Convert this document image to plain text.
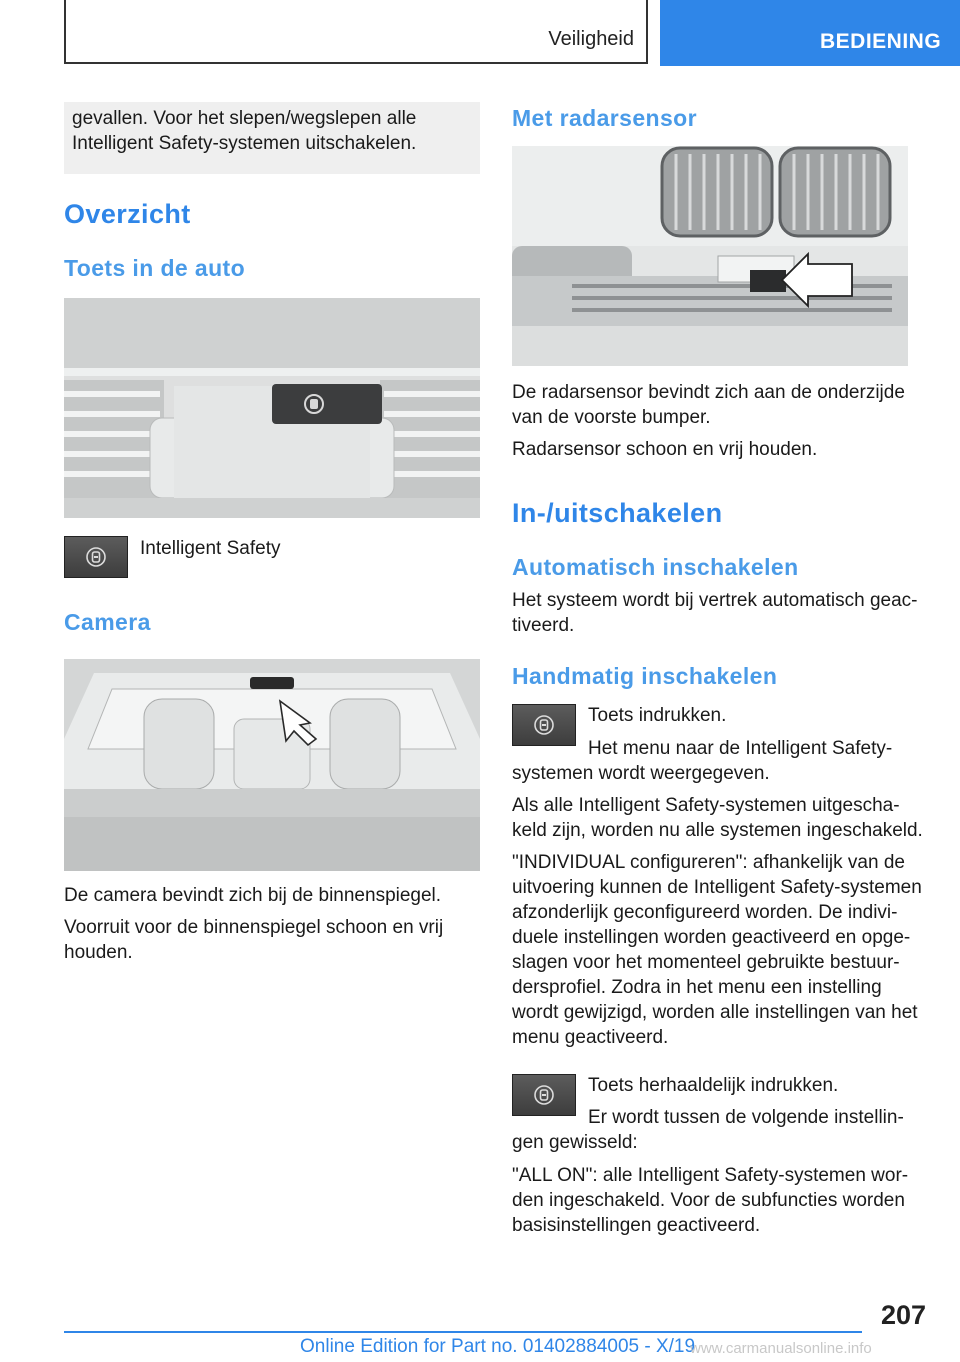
Veiligheid	BEDIENING
gevallen. Voor het slepen/wegslepen alle Intelligent Safety-systemen uitschakelen.
Overzicht
Toets in de auto
Intelligent Safety
Camera
De camera bevindt zich bij de binnenspiegel.
Voorruit voor de binnenspiegel schoon en vrij houden.
Met radarsensor
De radarsensor bevindt zich aan de onderzijde van de voorste bumper.
Radarsensor schoon en vrij houden.
In-/uitschakelen
Automatisch inschakelen
Het systeem wordt bij vertrek automatisch geactiveerd.
Handmatig inschakelen
Toets indrukken.
Het menu naar de Intelligent Safety-systemen wordt weergegeven.
Als alle Intelligent Safety-systemen uitgeschakeld zijn, worden nu alle systemen ingeschakeld.
"INDIVIDUAL configureren": afhankelijk van de uitvoering kunnen de Intelligent Safety-systemen afzonderlijk geconfigureerd worden. De individuele instellingen worden geactiveerd en opgeslagen voor het momenteel gebruikte bestuurdersprofiel. Zodra in het menu een instelling wordt gewijzigd, worden alle instellingen van het menu geactiveerd.
Toets herhaaldelijk indrukken.
Er wordt tussen de volgende instellingen gewisseld:
"ALL ON": alle Intelligent Safety-systemen worden ingeschakeld. Voor de subfuncties worden basisinstellingen geactiveerd.
207
Online Edition for Part no. 01402884005 - X/19
www.carmanualsonline.info
